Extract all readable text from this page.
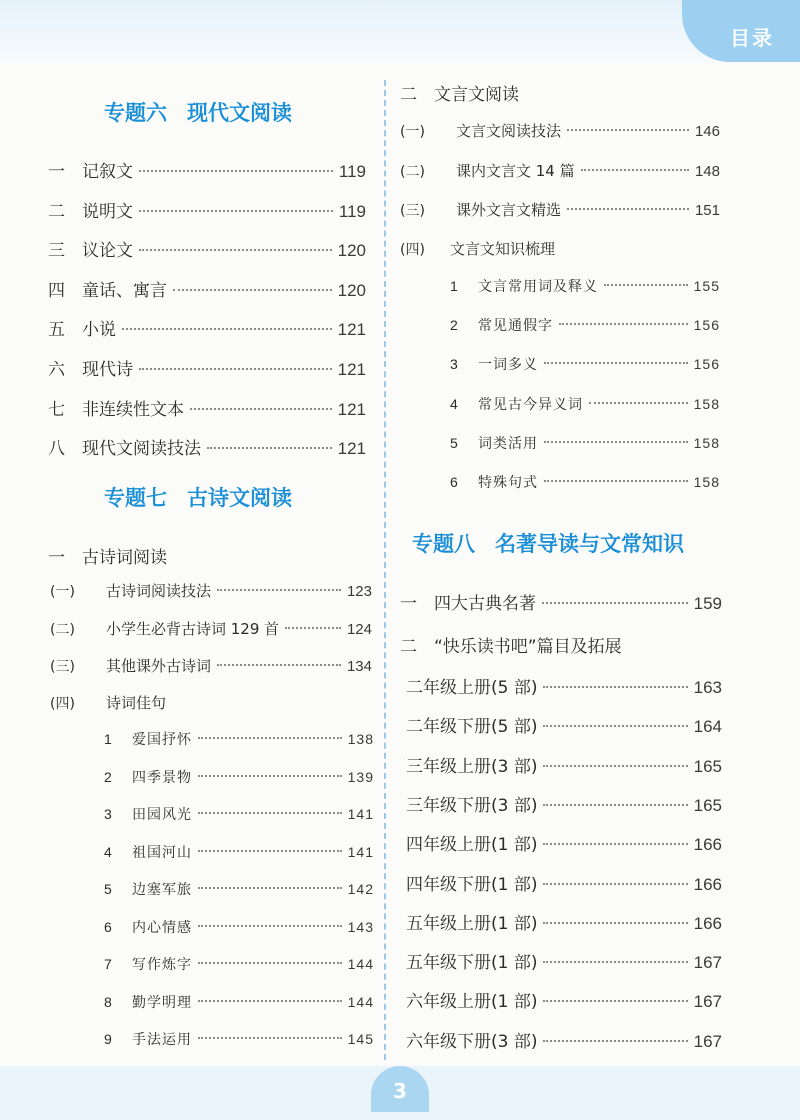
目录
专题六 现代文阅读
一	记叙文	119
二	说明文	119
三	议论文	120
四	童话、寓言	120
五	小说	121
六	现代诗	121
七	非连续性文本	121
八	现代文阅读技法	121
专题七 古诗文阅读
一 古诗词阅读
(一)	古诗词阅读技法	123
(二)	小学生必背古诗词 129 首	124
(三)	其他课外古诗词	134
(四) 诗词佳句
1	爱国抒怀	138
2	四季景物	139
3	田园风光	141
4	祖国河山	141
5	边塞军旅	142
6	内心情感	143
7	写作炼字	144
8	勤学明理	144
9	手法运用	145
二 文言文阅读
(一)	文言文阅读技法	146
(二)	课内文言文 14 篇	148
(三)	课外文言文精选	151
(四) 文言文知识梳理
1	文言常用词及释义	155
2	常见通假字	156
3	一词多义	156
4	常见古今异义词	158
5	词类活用	158
6	特殊句式	158
专题八 名著导读与文常知识
一	四大古典名著	159
二 “快乐读书吧”篇目及拓展
二年级上册(5 部)	163
二年级下册(5 部)	164
三年级上册(3 部)	165
三年级下册(3 部)	165
四年级上册(1 部)	166
四年级下册(1 部)	166
五年级上册(1 部)	166
五年级下册(1 部)	167
六年级上册(1 部)	167
六年级下册(3 部)	167
3
